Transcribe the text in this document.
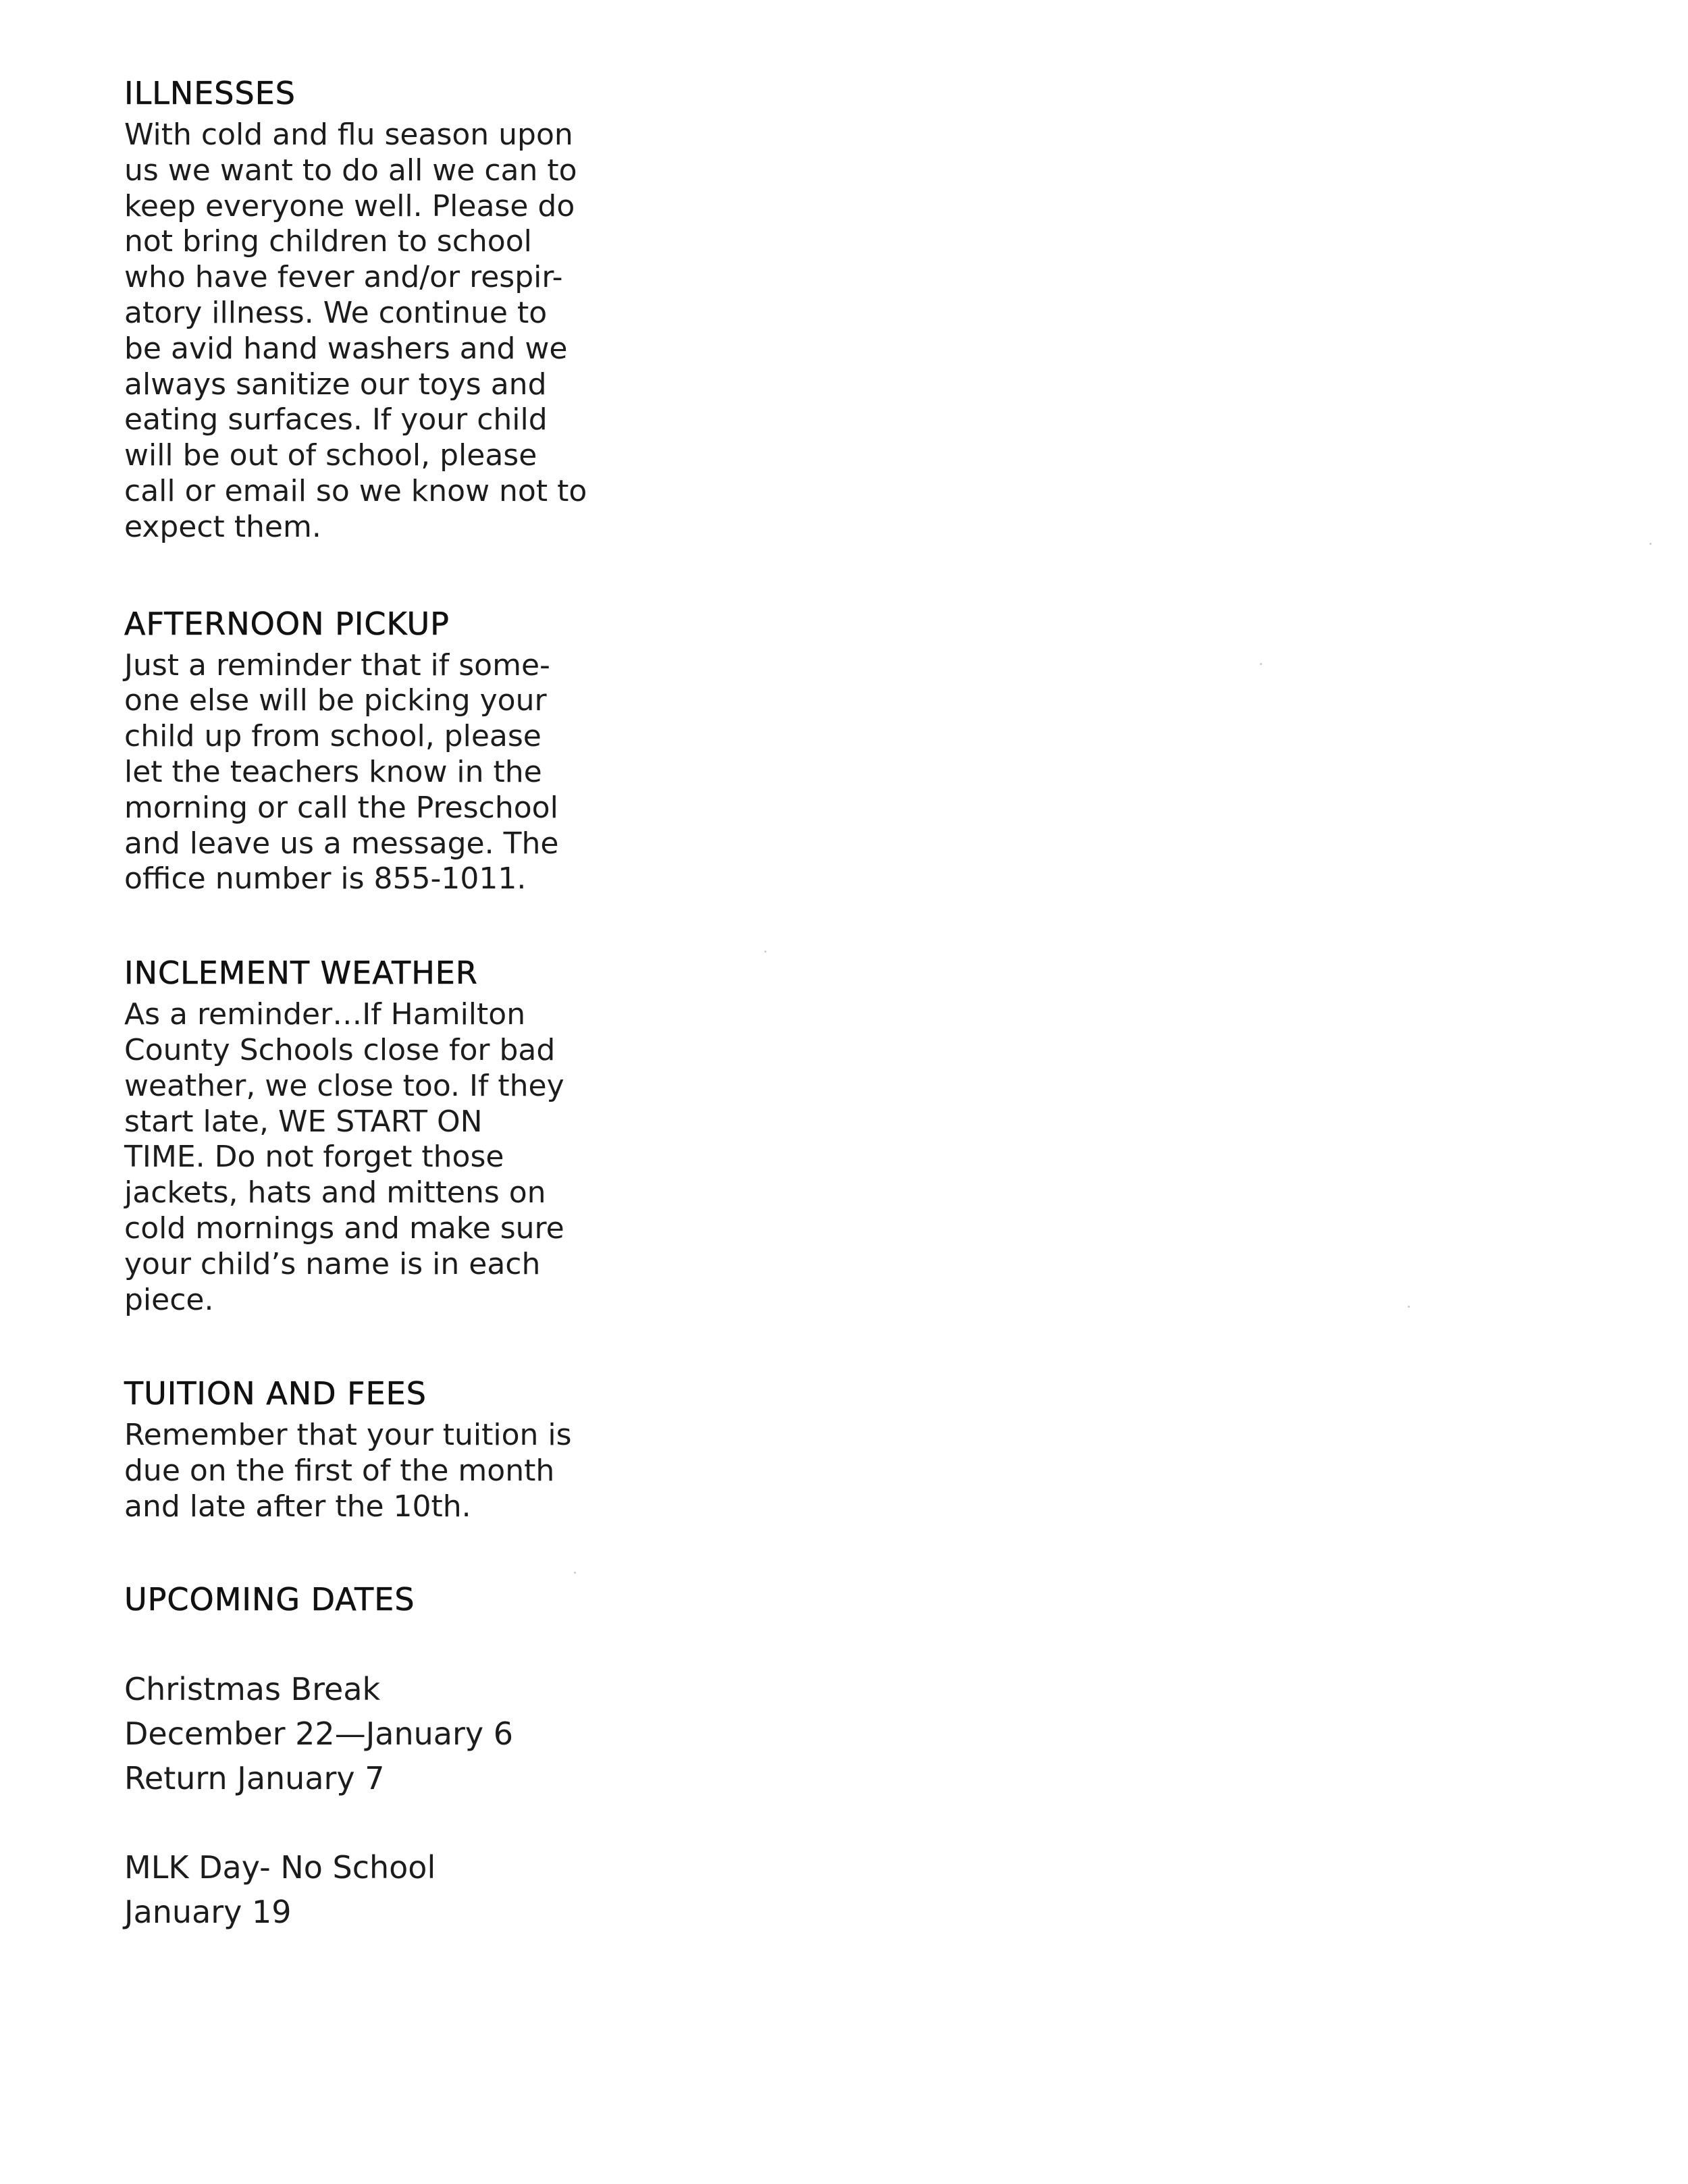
ILLNESSES

With cold and flu season upon
us we want to do all we can to
keep everyone well. Please do
not bring children to school
who have fever and/or respir-
atory illness. We continue to
be avid hand washers and we
always sanitize our toys and
eating surfaces. If your child
will be out of school, please
call or email so we know not to
expect them.

AFTERNOON PICKUP

Just a reminder that if some-
one else will be picking your
child up from school, please
let the teachers know in the
morning or call the Preschool
and leave us a message. The
office number is 855-1011.

INCLEMENT WEATHER

As a reminder…If Hamilton
County Schools close for bad
weather, we close too. If they
start late, WE START ON
TIME. Do not forget those
jackets, hats and mittens on
cold mornings and make sure
your child’s name is in each
piece.

TUITION AND FEES

Remember that your tuition is
due on the first of the month
and late after the 10th.

UPCOMING DATES

Christmas Break

December 22—January 6

Return January 7

MLK Day- No School

January 19
